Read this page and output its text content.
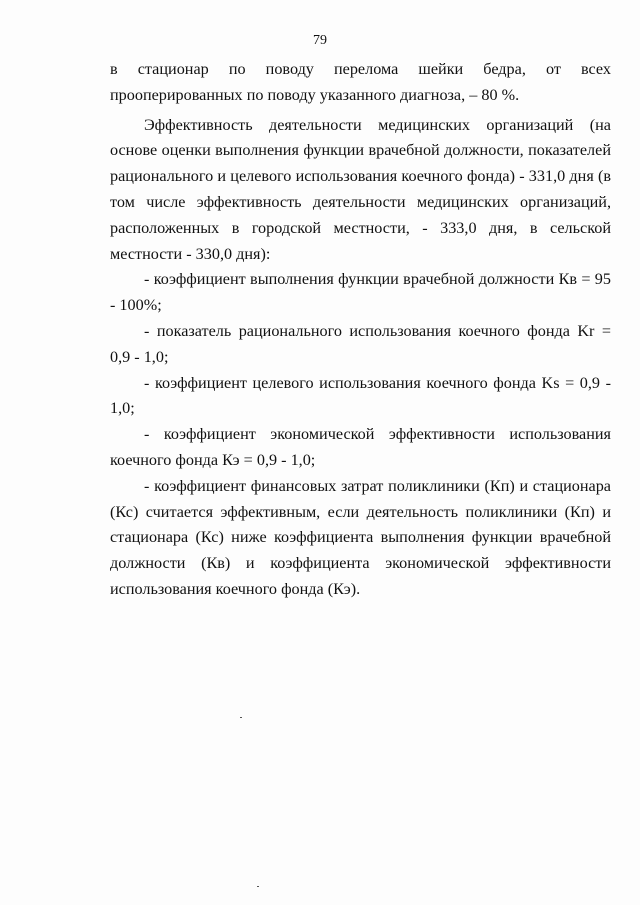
79

в стационар по поводу перелома шейки бедра, от всех прооперированных по поводу указанного диагноза, – 80 %.

Эффективность деятельности медицинских организаций (на основе оценки выполнения функции врачебной должности, показателей рационального и целевого использования коечного фонда) - 331,0 дня (в том числе эффективность деятельности медицинских организаций, расположенных в городской местности, - 333,0 дня, в сельской местности - 330,0 дня):

- коэффициент выполнения функции врачебной должности Кв = 95 - 100%;

- показатель рационального использования коечного фонда Kr = 0,9 - 1,0;

- коэффициент целевого использования коечного фонда Ks = 0,9 - 1,0;

- коэффициент экономической эффективности использования коечного фонда Кэ = 0,9 - 1,0;

- коэффициент финансовых затрат поликлиники (Кп) и стационара (Кс) считается эффективным, если деятельность поликлиники (Кп) и стационара (Кс) ниже коэффициента выполнения функции врачебной должности (Кв) и коэффициента экономической эффективности использования коечного фонда (Кэ).
